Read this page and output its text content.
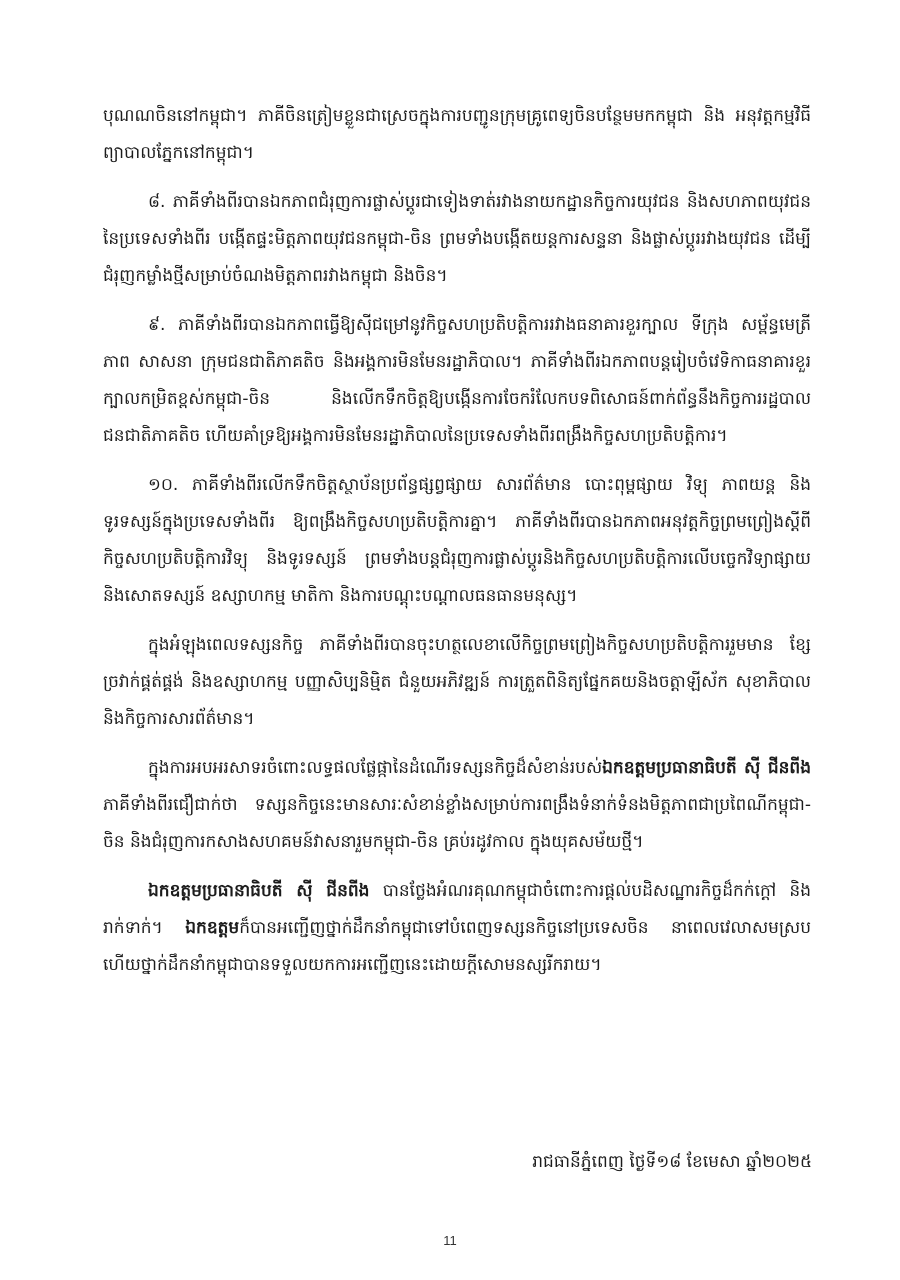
បុណណចិននៅកម្ពុជា។ ភាគីចិនត្រៀមខ្លួនជាស្រេចក្នុងការបញ្ជូនក្រុមគ្រូពេទ្យចិនបន្ថែមមកកម្ពុជា និង អនុវត្តកម្មវិធីព្យាបាលភ្នែកនៅកម្ពុជា។

៨. ភាគីទាំងពីរបានឯកភាពជំរុញការផ្លាស់ប្តូរជាទៀងទាត់រវាងនាយកដ្ឋានកិច្ចការយុវជន និងសហភាពយុវជន នៃប្រទេសទាំងពីរ បង្កើតផ្ទះមិត្តភាពយុវជនកម្ពុជា-ចិន ព្រមទាំងបង្កើតយន្តការសន្ទនា និងផ្លាស់ប្តូររវាងយុវជន ដើម្បីជំរុញកម្លាំងថ្មីសម្រាប់ចំណងមិត្តភាពរវាងកម្ពុជា និងចិន។

៩. ភាគីទាំងពីរបានឯកភាពធ្វើឱ្យស៊ីជម្រៅនូវកិច្ចសហប្រតិបត្តិការរវាងធនាគារខួរក្បាល ទីក្រុង សម្ព័ន្ធមេត្រីភាព សាសនា ក្រុមជនជាតិភាគតិច និងអង្គការមិនមែនរដ្ឋាភិបាល។ ភាគីទាំងពីរឯកភាពបន្តរៀបចំវេទិកាធនាគារខួរក្បាលកម្រិតខ្ពស់កម្ពុជា-ចិន និងលើកទឹកចិត្តឱ្យបង្កើនការចែករំលែកបទពិសោធន៍ពាក់ព័ន្ធនឹងកិច្ចការរដ្ឋបាលជនជាតិភាគតិច ហើយគាំទ្រឱ្យអង្គការមិនមែនរដ្ឋាភិបាលនៃប្រទេសទាំងពីរពង្រឹងកិច្ចសហប្រតិបត្តិការ។

១០. ភាគីទាំងពីរលើកទឹកចិត្តស្ថាប័នប្រព័ន្ធផ្សព្វផ្សាយ សារព័ត៌មាន បោះពុម្ពផ្សាយ វិទ្យុ ភាពយន្ត និងទូរទស្សន៍ក្នុងប្រទេសទាំងពីរ ឱ្យពង្រឹងកិច្ចសហប្រតិបត្តិការគ្នា។ ភាគីទាំងពីរបានឯកភាពអនុវត្តកិច្ចព្រមព្រៀងស្តីពីកិច្ចសហប្រតិបត្តិការវិទ្យុ និងទូរទស្សន៍ ព្រមទាំងបន្តជំរុញការផ្លាស់ប្តូរនិងកិច្ចសហប្រតិបត្តិការលើបច្ចេកវិទ្យាផ្សាយនិងសោតទស្សន៍ ឧស្សាហកម្ម មាតិកា និងការបណ្តុះបណ្តាលធនធានមនុស្ស។

ក្នុងអំឡុងពេលទស្សនកិច្ច ភាគីទាំងពីរបានចុះហត្ថលេខាលើកិច្ចព្រមព្រៀងកិច្ចសហប្រតិបត្តិការរួមមាន ខ្សែច្រវាក់ផ្គត់ផ្គង់ និងឧស្សាហកម្ម បញ្ញាសិប្បនិម្មិត ជំនួយអភិវឌ្ឍន៍ ការត្រួតពិនិត្យផ្នែកគយនិងចត្តាឡីស័ក សុខាភិបាល និងកិច្ចការសារព័ត៌មាន។

ក្នុងការអបអរសាទរចំពោះលទ្ធផលផ្លែផ្កានៃដំណើរទស្សនកិច្ចដ៏សំខាន់របស់ឯកឧត្តមប្រធានាធិបតី ស៊ី ជីនពីង ភាគីទាំងពីរជឿជាក់ថា ទស្សនកិច្ចនេះមានសារៈសំខាន់ខ្លាំងសម្រាប់ការពង្រឹងទំនាក់ទំនងមិត្តភាពជាប្រពៃណីកម្ពុជា-ចិន និងជំរុញការកសាងសហគមន៍វាសនារួមកម្ពុជា-ចិន គ្រប់រដូវកាល ក្នុងយុគសម័យថ្មី។

ឯកឧត្តមប្រធានាធិបតី ស៊ី ជីនពីង បានថ្លែងអំណរគុណកម្ពុជាចំពោះការផ្តល់បដិសណ្ឋារកិច្ចដ៏កក់ក្តៅ និងរាក់ទាក់។ ឯកឧត្តមក៏បានអញ្ជើញថ្នាក់ដឹកនាំកម្ពុជាទៅបំពេញទស្សនកិច្ចនៅប្រទេសចិន នាពេលវេលាសមស្រប ហើយថ្នាក់ដឹកនាំកម្ពុជាបានទទួលយកការអញ្ជើញនេះដោយក្តីសោមនស្សរីករាយ។

រាជធានីភ្នំពេញ ថ្ងៃទី១៨ ខែមេសា ឆ្នាំ២០២៥
11
